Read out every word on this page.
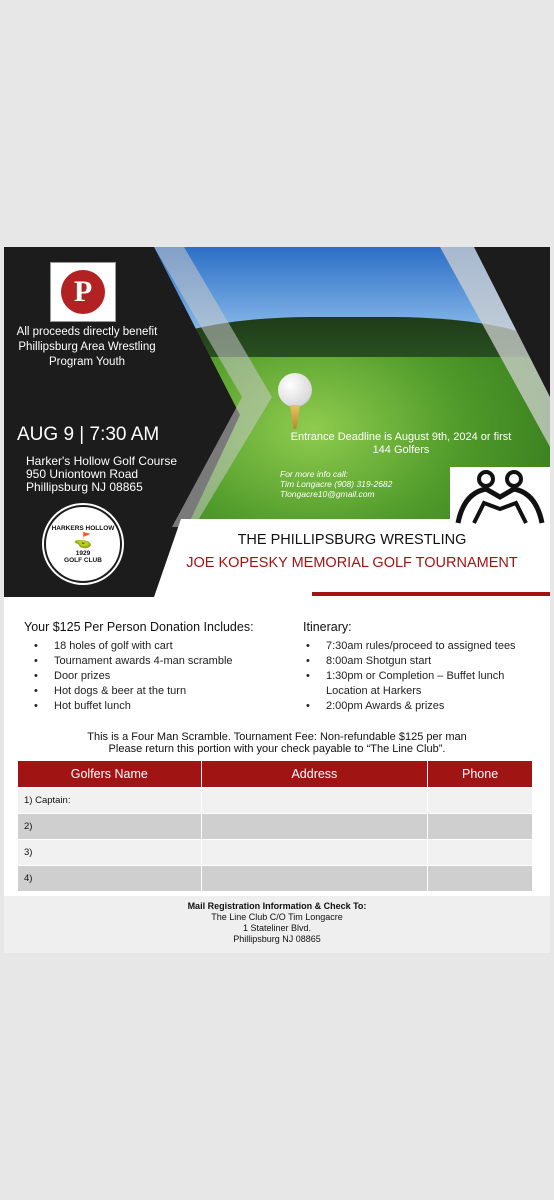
P
All proceeds directly benefit Phillipsburg Area Wrestling Program Youth
AUG 9 | 7:30 AM
Harker's Hollow Golf Course
950 Uniontown Road
Phillipsburg NJ 08865
HARKERS HOLLOW
⛳
1929
GOLF CLUB
Entrance Deadline is August 9th, 2024 or first 144 Golfers
For more info call:
Tim Longacre (908) 319-2682
Tlongacre10@gmail.com
THE PHILLIPSBURG WRESTLING
JOE KOPESKY MEMORIAL GOLF TOURNAMENT
Your $125 Per Person Donation Includes:
• 18 holes of golf with cart
• Tournament awards 4-man scramble
• Door prizes
• Hot dogs & beer at the turn
• Hot buffet lunch
Itinerary:
• 7:30am rules/proceed to assigned tees
• 8:00am Shotgun start
• 1:30pm or Completion – Buffet lunch Location at Harkers
• 2:00pm Awards & prizes
This is a Four Man Scramble. Tournament Fee: Non-refundable $125 per man
Please return this portion with your check payable to “The Line Club”.
Golfers Name	Address	Phone
1) Captain:		
2)		
3)		
4)		
Mail Registration Information & Check To:
The Line Club C/O Tim Longacre
1 Stateliner Blvd.
Phillipsburg NJ 08865
